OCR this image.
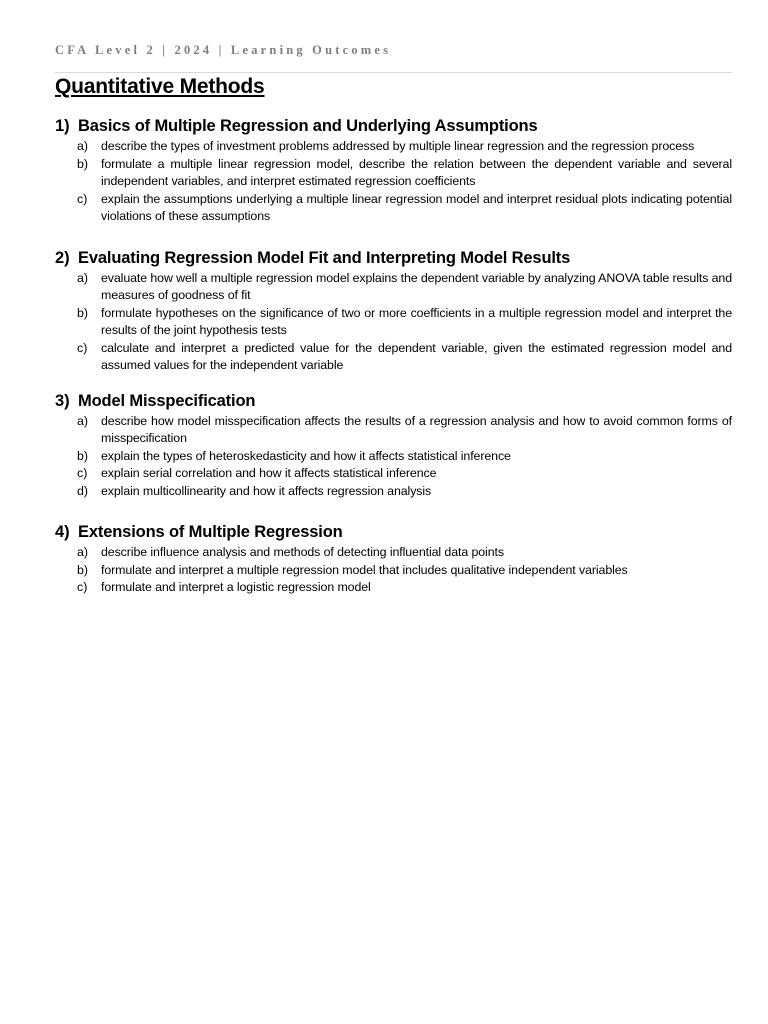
CFA Level 2 | 2024 | Learning Outcomes
Quantitative Methods
1) Basics of Multiple Regression and Underlying Assumptions
a)	describe the types of investment problems addressed by multiple linear regression and the regression process
b)	formulate a multiple linear regression model, describe the relation between the dependent variable and several independent variables, and interpret estimated regression coefficients
c)	explain the assumptions underlying a multiple linear regression model and interpret residual plots indicating potential violations of these assumptions
2) Evaluating Regression Model Fit and Interpreting Model Results
a)	evaluate how well a multiple regression model explains the dependent variable by analyzing ANOVA table results and measures of goodness of fit
b)	formulate hypotheses on the significance of two or more coefficients in a multiple regression model and interpret the results of the joint hypothesis tests
c)	calculate and interpret a predicted value for the dependent variable, given the estimated regression model and assumed values for the independent variable
3) Model Misspecification
a)	describe how model misspecification affects the results of a regression analysis and how to avoid common forms of misspecification
b)	explain the types of heteroskedasticity and how it affects statistical inference
c)	explain serial correlation and how it affects statistical inference
d)	explain multicollinearity and how it affects regression analysis
4) Extensions of Multiple Regression
a)	describe influence analysis and methods of detecting influential data points
b)	formulate and interpret a multiple regression model that includes qualitative independent variables
c)	formulate and interpret a logistic regression model
